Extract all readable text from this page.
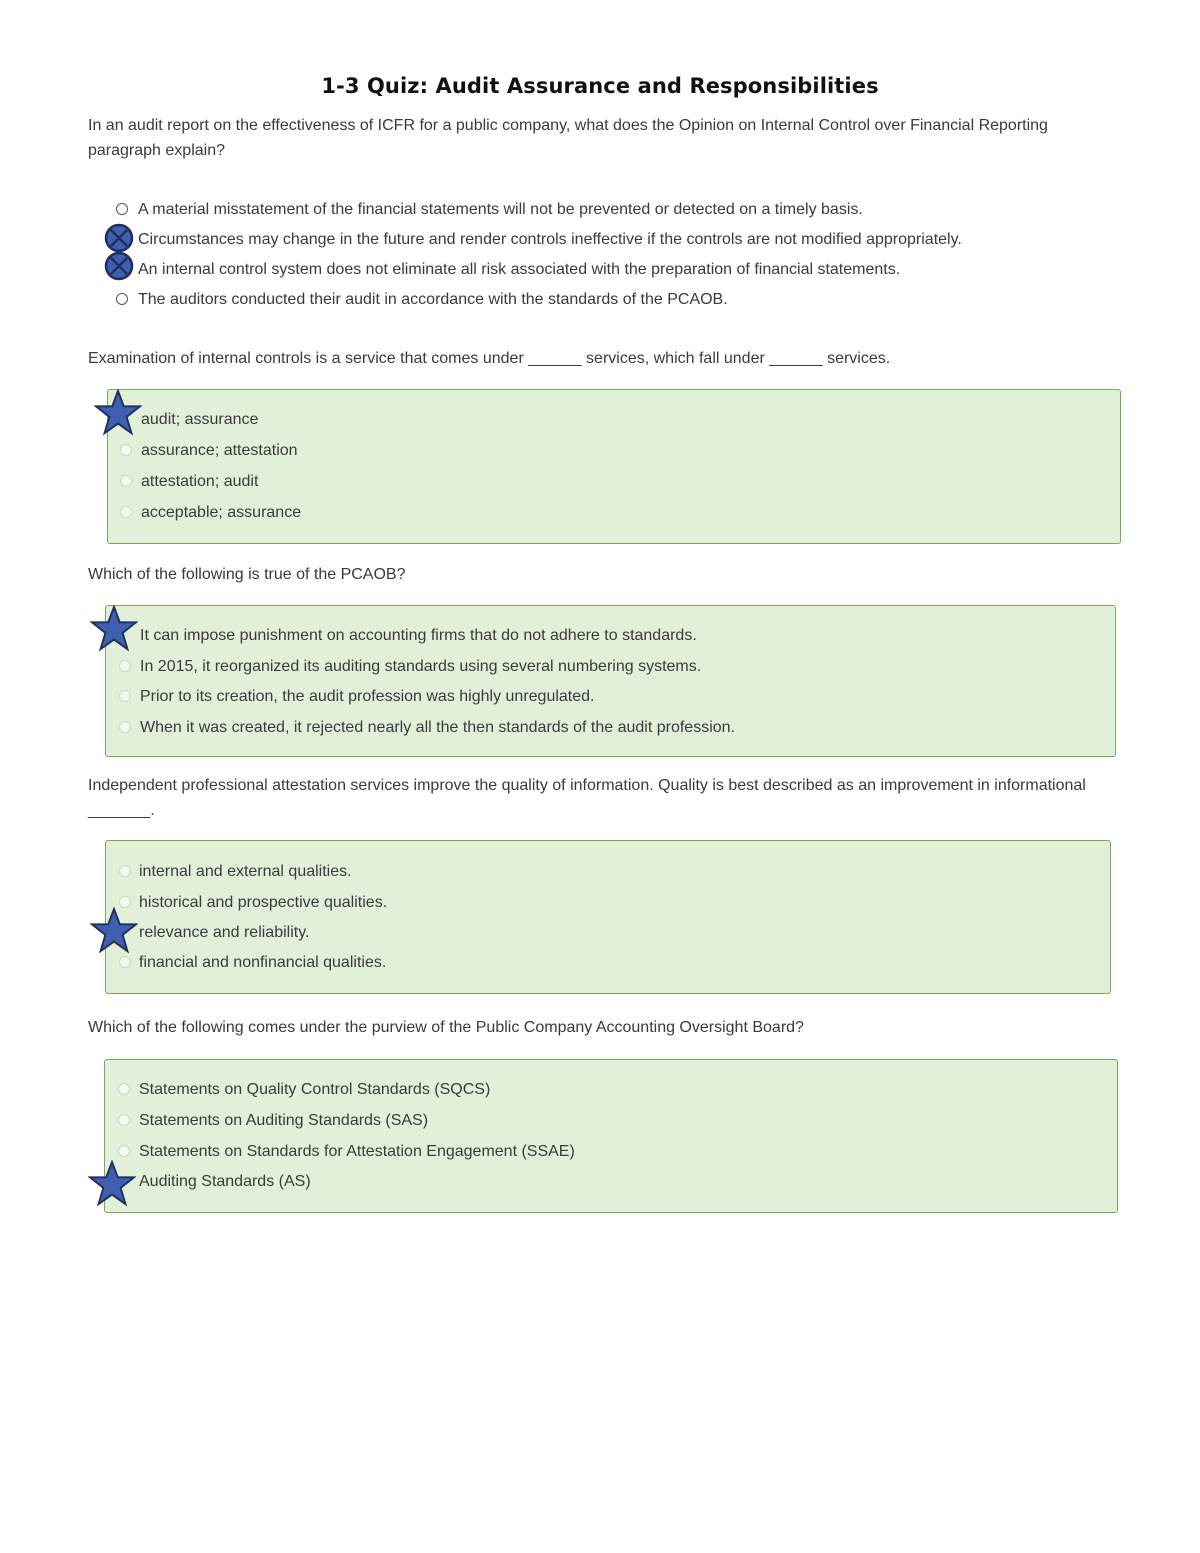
1-3 Quiz: Audit Assurance and Responsibilities
In an audit report on the effectiveness of ICFR for a public company, what does the Opinion on Internal Control over Financial Reporting paragraph explain?
A material misstatement of the financial statements will not be prevented or detected on a timely basis.
Circumstances may change in the future and render controls ineffective if the controls are not modified appropriately.
An internal control system does not eliminate all risk associated with the preparation of financial statements.
The auditors conducted their audit in accordance with the standards of the PCAOB.
Examination of internal controls is a service that comes under ______ services, which fall under ______ services.
audit; assurance
assurance; attestation
attestation; audit
acceptable; assurance
Which of the following is true of the PCAOB?
It can impose punishment on accounting firms that do not adhere to standards.
In 2015, it reorganized its auditing standards using several numbering systems.
Prior to its creation, the audit profession was highly unregulated.
When it was created, it rejected nearly all the then standards of the audit profession.
Independent professional attestation services improve the quality of information. Quality is best described as an improvement in informational _______.
internal and external qualities.
historical and prospective qualities.
relevance and reliability.
financial and nonfinancial qualities.
Which of the following comes under the purview of the Public Company Accounting Oversight Board?
Statements on Quality Control Standards (SQCS)
Statements on Auditing Standards (SAS)
Statements on Standards for Attestation Engagement (SSAE)
Auditing Standards (AS)
